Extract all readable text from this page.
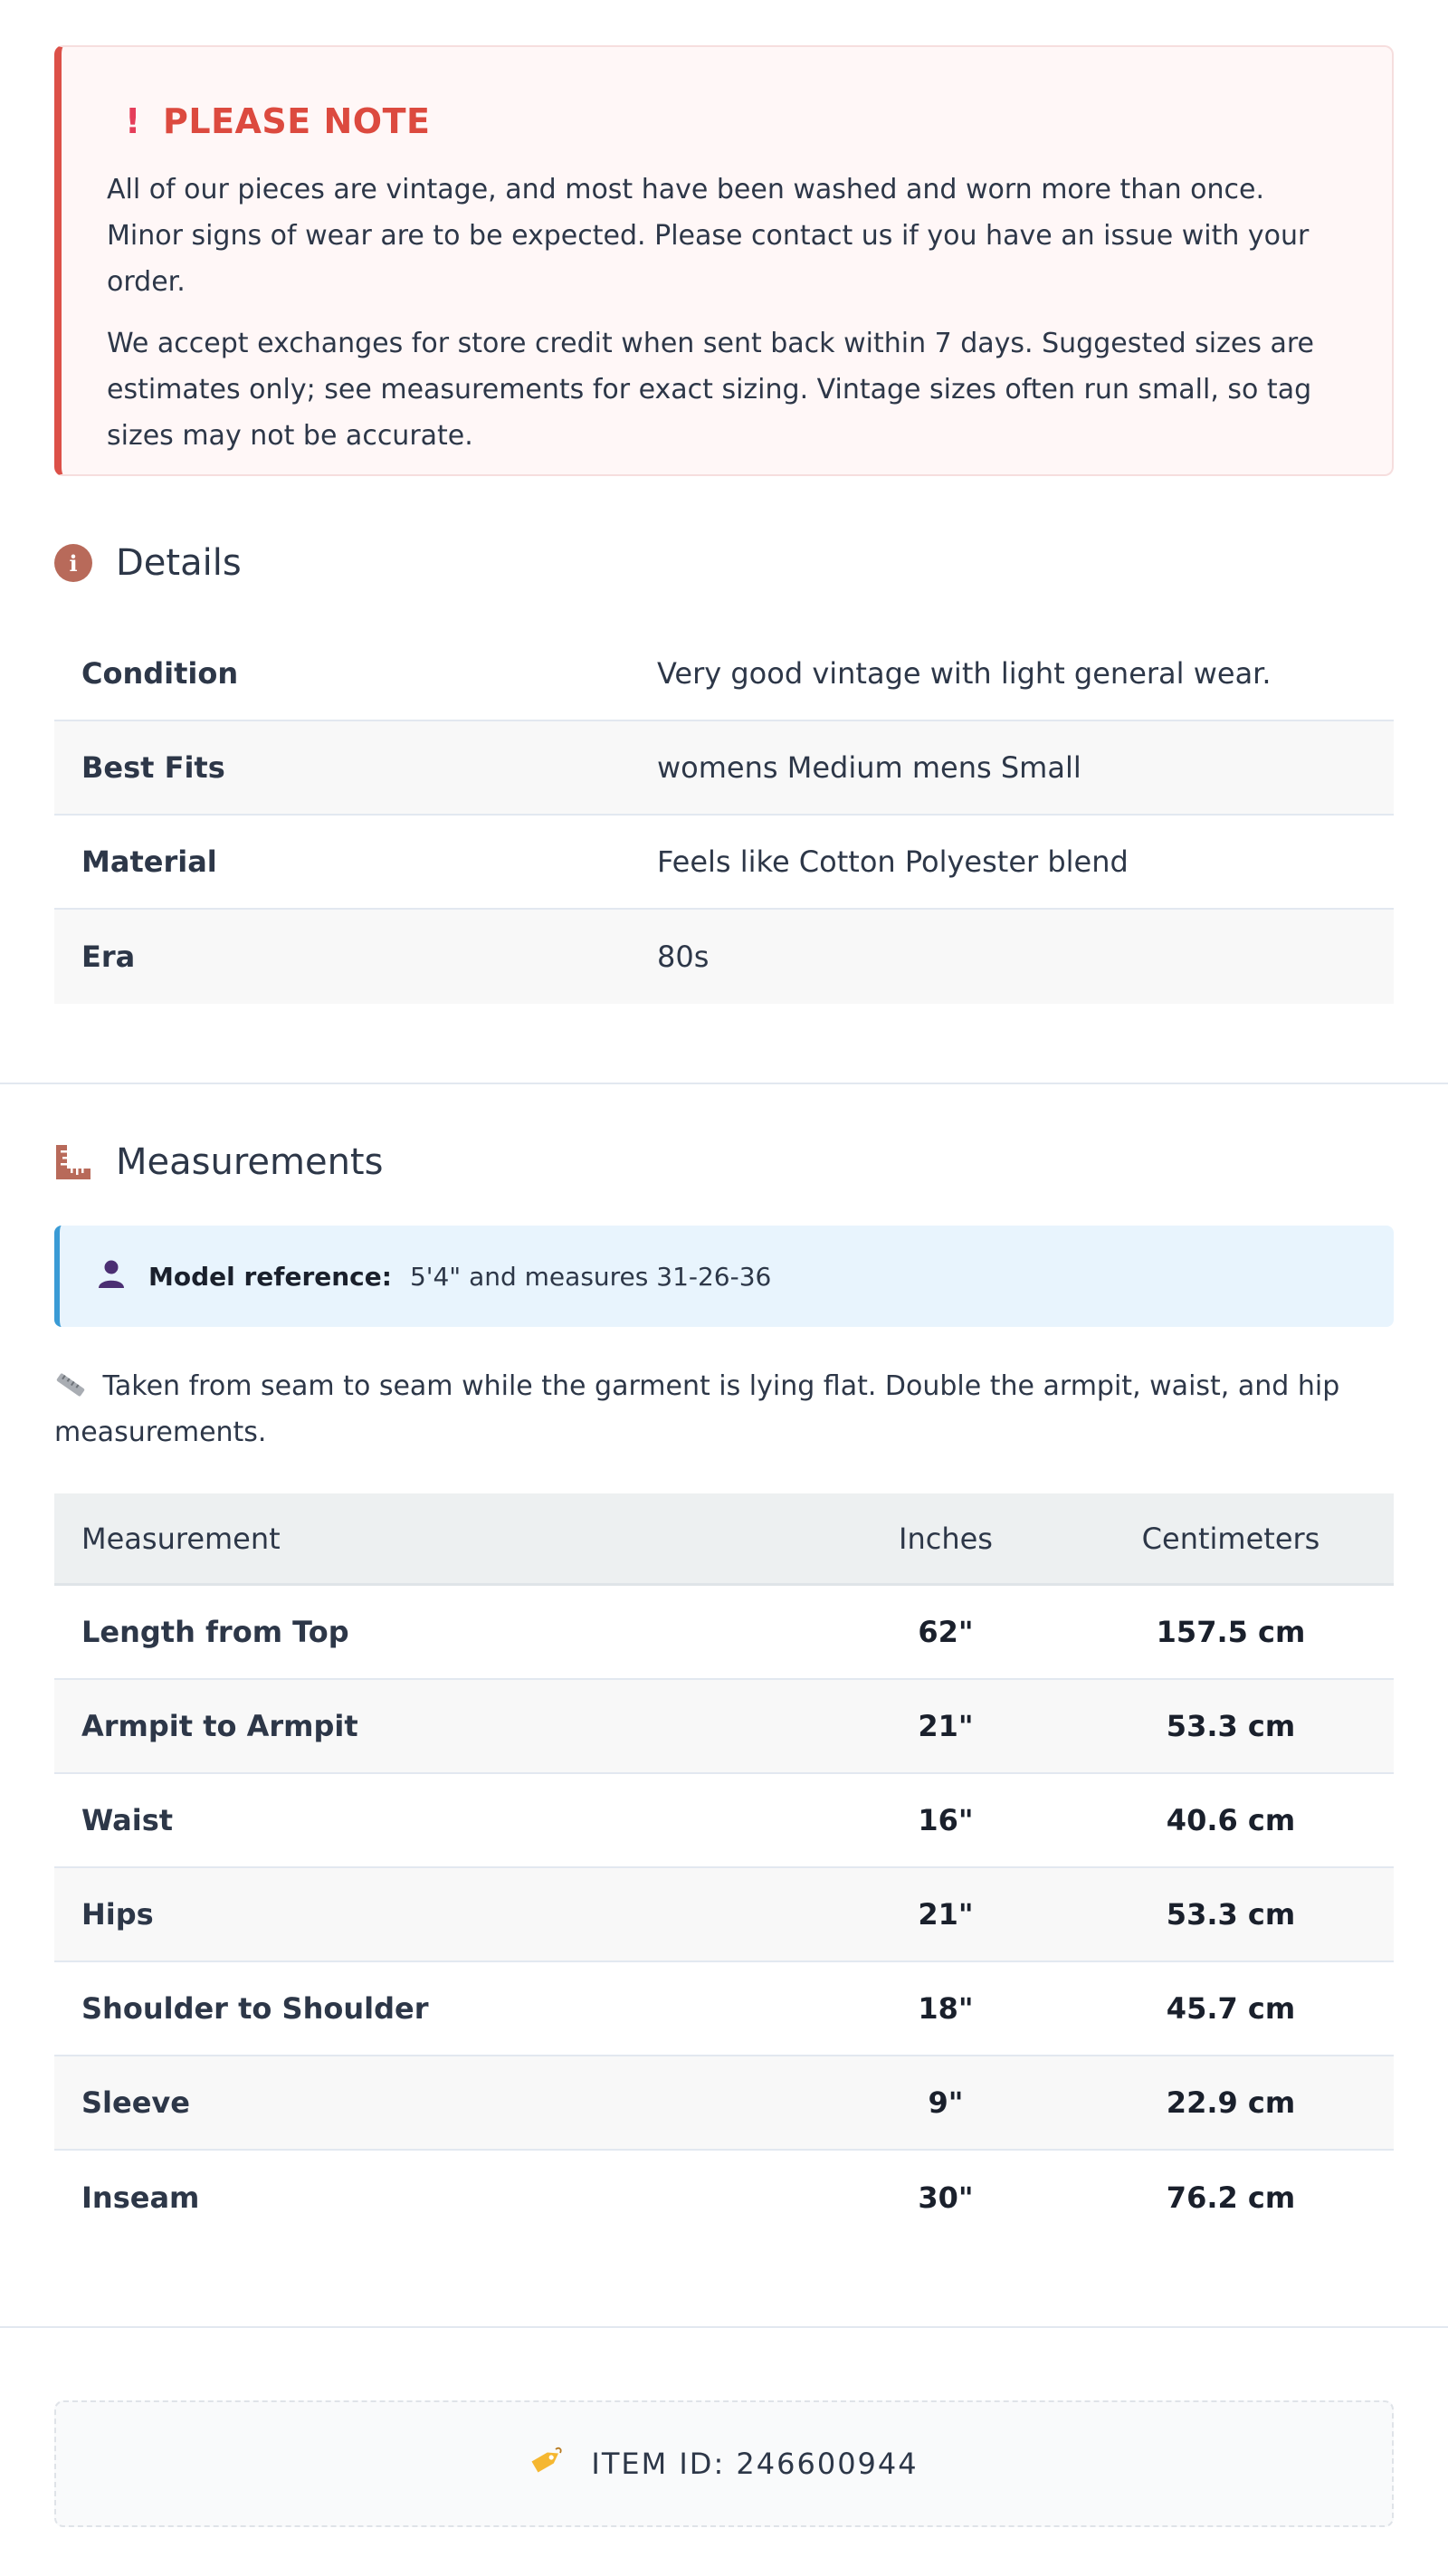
! PLEASE NOTE

All of our pieces are vintage, and most have been washed and worn more than once. Minor signs of wear are to be expected. Please contact us if you have an issue with your order.

We accept exchanges for store credit when sent back within 7 days. Suggested sizes are estimates only; see measurements for exact sizing. Vintage sizes often run small, so tag sizes may not be accurate.

i	Details
Condition	Very good vintage with light general wear.
Best Fits	womens Medium mens Small
Material	Feels like Cotton Polyester blend
Era	80s
Measurements
Model reference: 5'4" and measures 31-26-36
Taken from seam to seam while the garment is lying flat. Double the armpit, waist, and hip measurements.
Measurement	Inches	Centimeters
Length from Top	62"	157.5 cm
Armpit to Armpit	21"	53.3 cm
Waist	16"	40.6 cm
Hips	21"	53.3 cm
Shoulder to Shoulder	18"	45.7 cm
Sleeve	9"	22.9 cm
Inseam	30"	76.2 cm
ITEM ID: 246600944
